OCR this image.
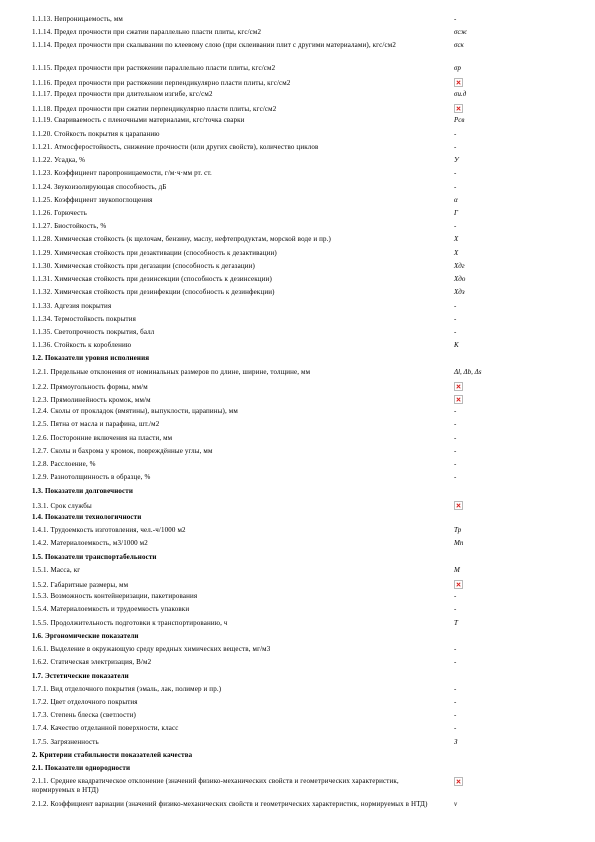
1.1.13. Непроницаемость, мм	-
1.1.14. Предел прочности при сжатии параллельно пласти плиты, кгс/см2	σсж
1.1.14. Предел прочности при скалывании по клеевому слою (при склеивании плит с другими материалами), кгс/см2	σск
1.1.15. Предел прочности при растяжении параллельно пласти плиты, кгс/см2	σр
1.1.16. Предел прочности при растяжении перпендикулярно пласти плиты, кгс/см2
1.1.17. Предел прочности при длительном изгибе, кгс/см2	σи.д
1.1.18. Предел прочности при сжатии перпендикулярно пласти плиты, кгс/см2
1.1.19. Свариваемость с пленочными материалами, кгс/точка сварки	Рсв
1.1.20. Стойкость покрытия к царапанию	-
1.1.21. Атмосферостойкость, снижение прочности (или других свойств), количество циклов	-
1.1.22. Усадка, %	У
1.1.23. Коэффициент паропроницаемости, г/м·ч·мм рт. ст.	-
1.1.24. Звукоизолирующая способность, дБ	-
1.1.25. Коэффициент звукопоглощения	α
1.1.26. Горючесть	Г
1.1.27. Биостойкость, %	-
1.1.28. Химическая стойкость (к щелочам, бензину, маслу, нефтепродуктам, морской воде и пр.)	Х
1.1.29. Химическая стойкость при дезактивации (способность к дезактивации)	Х
1.1.30. Химическая стойкость при дегазации (способность к дегазации)	Хдг
1.1.31. Химическая стойкость при дезинсекции (способность к дезинсекции)	Хдо
1.1.32. Химическая стойкость при дезинфекции (способность к дезинфекции)	Хдз
1.1.33. Адгезия покрытия	-
1.1.34. Термостойкость покрытия	-
1.1.35. Светопрочность покрытия, балл	-
1.1.36. Стойкость к короблению	К
1.2. Показатели уровня исполнения
1.2.1. Предельные отклонения от номинальных размеров по длине, ширине, толщине, мм	Δl, Δb, Δs
1.2.2. Прямоугольность формы, мм/м
1.2.3. Прямолинейность кромок, мм/м
1.2.4. Сколы от прокладок (вмятины), выпуклости, царапины), мм	-
1.2.5. Пятна от масла и парафина, шт./м2	-
1.2.6. Посторонние включения на пласти, мм	-
1.2.7. Сколы и бахрома у кромок, повреждённые углы, мм	-
1.2.8. Расслоение, %	-
1.2.9. Разнотолщинность в образце, %	-
1.3. Показатели долговечности
1.3.1. Срок службы
1.4. Показатели технологичности
1.4.1. Трудоемкость изготовления, чел.-ч/1000 м2	Тр
1.4.2. Материалоемкость, м3/1000 м2	Мп
1.5. Показатели транспортабельности
1.5.1. Масса, кг	М
1.5.2. Габаритные размеры, мм
1.5.3. Возможность контейнеризации, пакетирования	-
1.5.4. Материалоемкость и трудоемкость упаковки	-
1.5.5. Продолжительность подготовки к транспортированию, ч	Т
1.6. Эргономические показатели
1.6.1. Выделение в окружающую среду вредных химических веществ, мг/м3	-
1.6.2. Статическая электризация, В/м2	-
1.7. Эстетические показатели
1.7.1. Вид отделочного покрытия (эмаль, лак, полимер и пр.)	-
1.7.2. Цвет отделочного покрытия	-
1.7.3. Степень блеска (светлости)	-
1.7.4. Качество отделанной поверхности, класс	-
1.7.5. Загрязненность	З
2. Критерии стабильности показателей качества
2.1. Показатели однородности
2.1.1. Среднее квадратическое отклонение (значений физико-механических свойств и геометрических характеристик, нормируемых в НТД)
2.1.2. Коэффициент вариации (значений физико-механических свойств и геометрических характеристик, нормируемых в НТД)	ν
